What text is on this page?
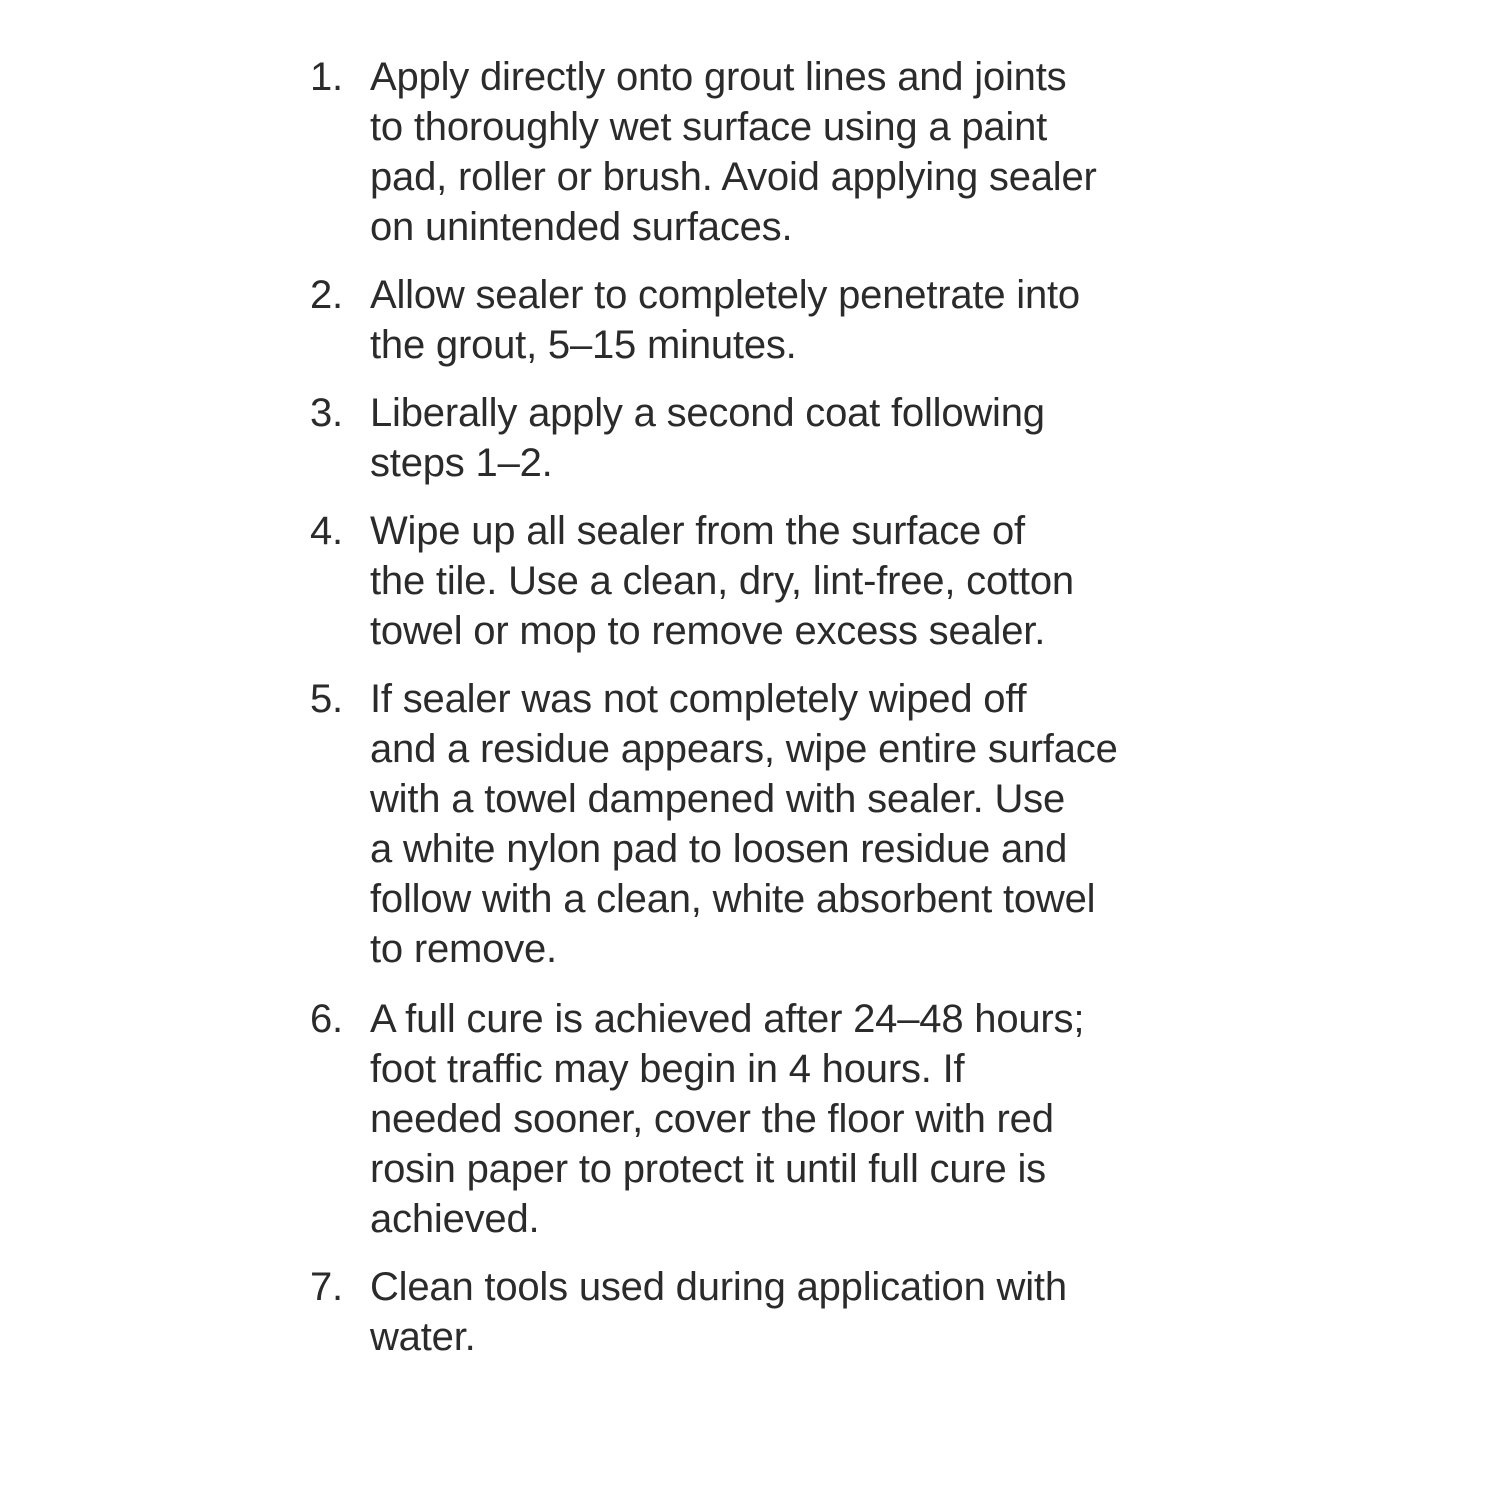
1. Apply directly onto grout lines and joints
to thoroughly wet surface using a paint
pad, roller or brush. Avoid applying sealer
on unintended surfaces.
2. Allow sealer to completely penetrate into
the grout, 5–15 minutes.
3. Liberally apply a second coat following
steps 1–2.
4. Wipe up all sealer from the surface of
the tile. Use a clean, dry, lint-free, cotton
towel or mop to remove excess sealer.
5. If sealer was not completely wiped off
and a residue appears, wipe entire surface
with a towel dampened with sealer. Use
a white nylon pad to loosen residue and
follow with a clean, white absorbent towel
to remove.
6. A full cure is achieved after 24–48 hours;
foot traffic may begin in 4 hours. If
needed sooner, cover the floor with red
rosin paper to protect it until full cure is
achieved.
7. Clean tools used during application with
water.
